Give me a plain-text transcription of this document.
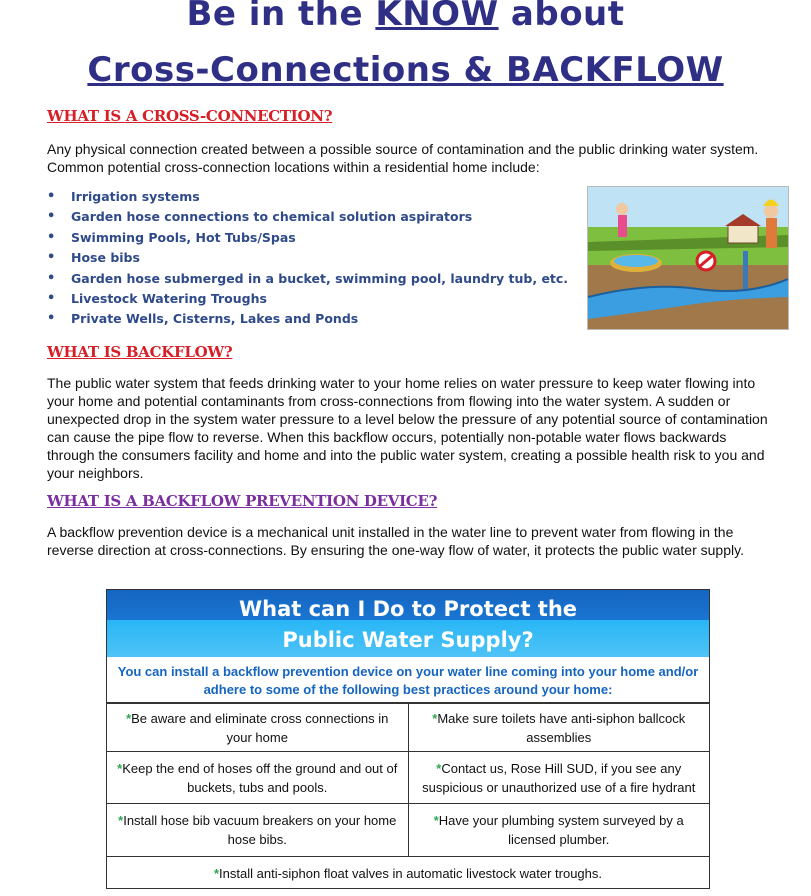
Be in the KNOW about
Cross-Connections & BACKFLOW
WHAT IS A CROSS-CONNECTION?
Any physical connection created between a possible source of contamination and the public drinking water system. Common potential cross-connection locations within a residential home include:
• Irrigation systems
• Garden hose connections to chemical solution aspirators
• Swimming Pools, Hot Tubs/Spas
• Hose bibs
• Garden hose submerged in a bucket, swimming pool, laundry tub, etc.
• Livestock Watering Troughs
• Private Wells, Cisterns, Lakes and Ponds
WHAT IS BACKFLOW?
The public water system that feeds drinking water to your home relies on water pressure to keep water flowing into your home and potential contaminants from cross-connections from flowing into the water system. A sudden or unexpected drop in the system water pressure to a level below the pressure of any potential source of contamination can cause the pipe flow to reverse. When this backflow occurs, potentially non-potable water flows backwards through the consumers facility and home and into the public water system, creating a possible health risk to you and your neighbors.
WHAT IS A BACKFLOW PREVENTION DEVICE?
A backflow prevention device is a mechanical unit installed in the water line to prevent water from flowing in the reverse direction at cross-connections. By ensuring the one-way flow of water, it protects the public water supply.
What can I Do to Protect the
Public Water Supply?
You can install a backflow prevention device on your water line coming into your home and/or adhere to some of the following best practices around your home:
*Be aware and eliminate cross connections in your home	*Make sure toilets have anti-siphon ballcock assemblies
*Keep the end of hoses off the ground and out of buckets, tubs and pools.	*Contact us, Rose Hill SUD, if you see any suspicious or unauthorized use of a fire hydrant
*Install hose bib vacuum breakers on your home hose bibs.	*Have your plumbing system surveyed by a licensed plumber.
*Install anti-siphon float valves in automatic livestock water troughs.	
